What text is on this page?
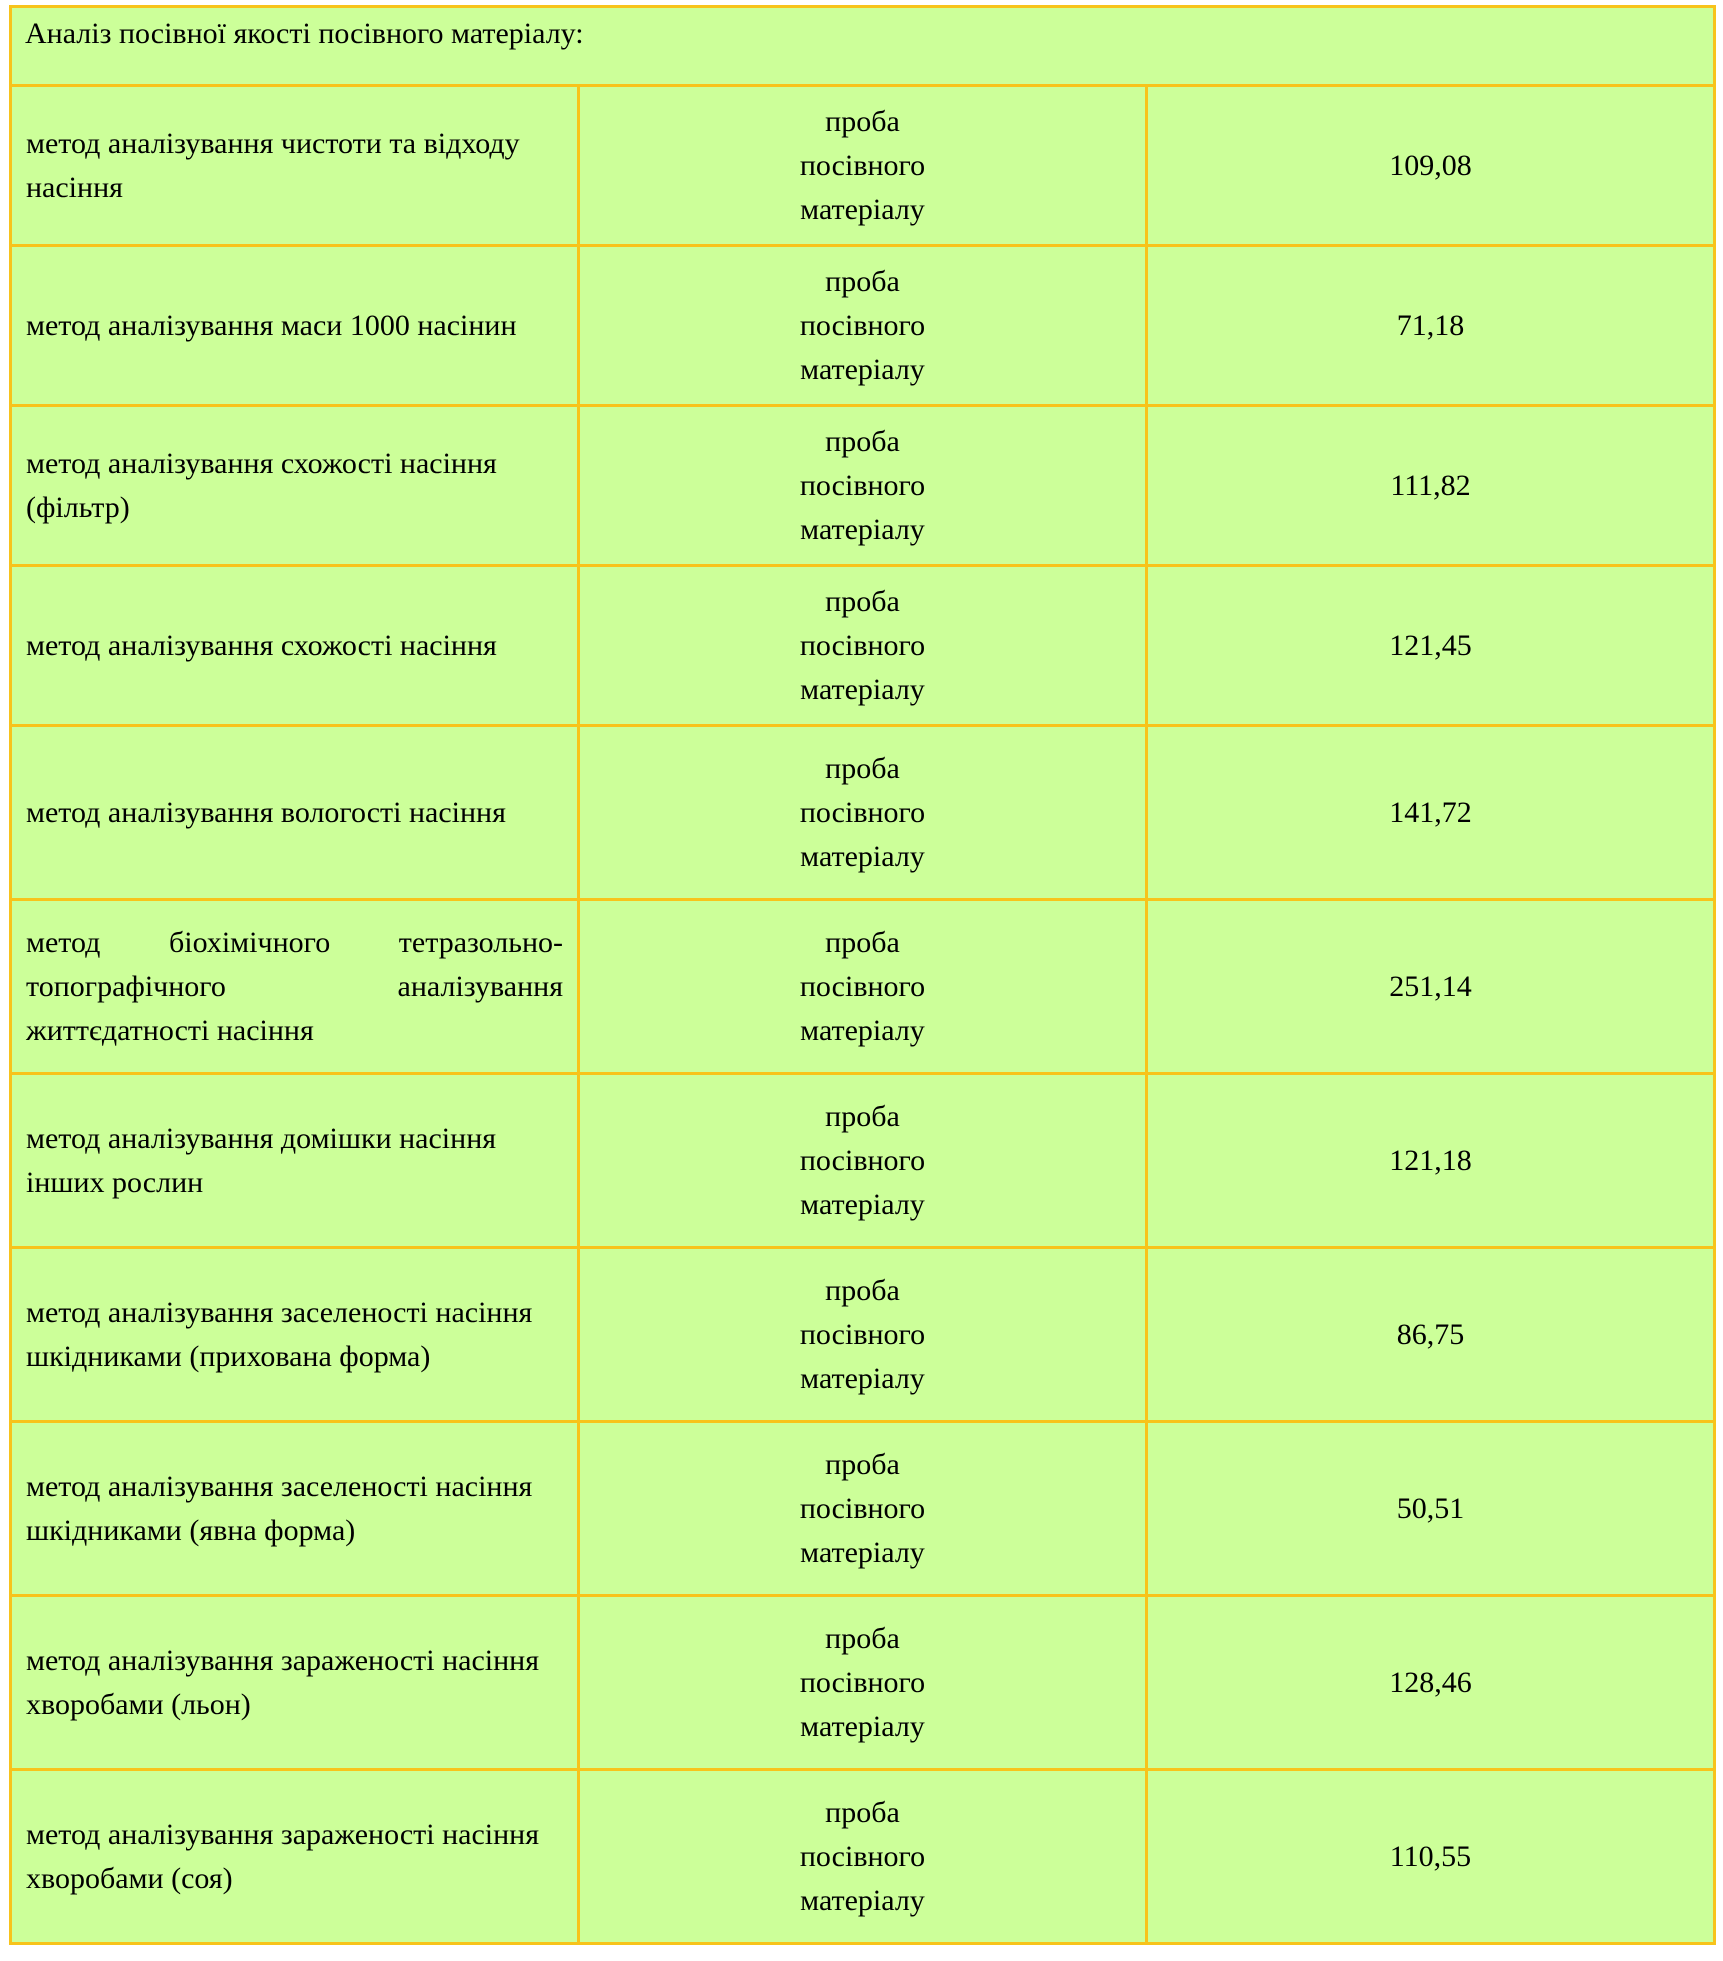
Аналіз посівної якості посівного матеріалу:		
метод аналізування чистоти та відходу насіння	проба
посівного
матеріалу	109,08
метод аналізування маси 1000 насінин	проба
посівного
матеріалу	71,18
метод аналізування схожості насіння (фільтр)	проба
посівного
матеріалу	111,82
метод аналізування схожості насіння	проба
посівного
матеріалу	121,45
метод аналізування вологості насіння	проба
посівного
матеріалу	141,72
метод біохімічного тетразольно- топографічного аналізування життєдатності насіння	проба
посівного
матеріалу	251,14
метод аналізування домішки насіння інших рослин	проба
посівного
матеріалу	121,18
метод аналізування заселеності насіння шкідниками (прихована форма)	проба
посівного
матеріалу	86,75
метод аналізування заселеності насіння шкідниками (явна форма)	проба
посівного
матеріалу	50,51
метод аналізування зараженості насіння хворобами (льон)	проба
посівного
матеріалу	128,46
метод аналізування зараженості насіння хворобами (соя)	проба
посівного
матеріалу	110,55
